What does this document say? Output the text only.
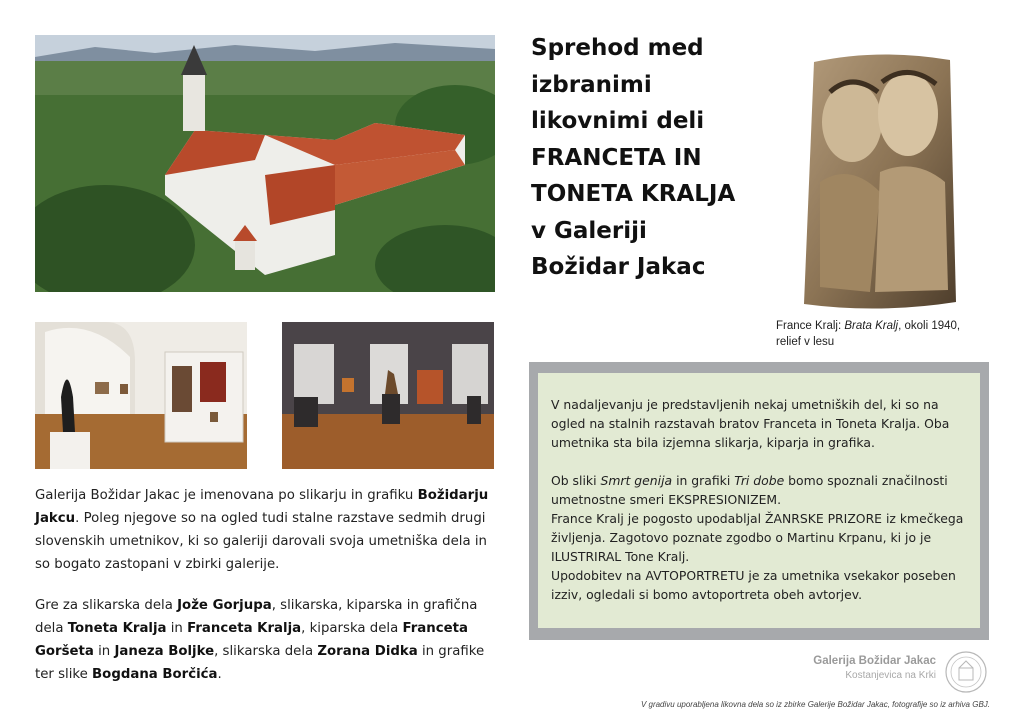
Sprehod med
izbranimi
likovnimi deli
FRANCETA IN
TONETA KRALJA
v Galeriji
Božidar Jakac
France Kralj: Brata Kralj, okoli 1940,
relief v lesu
Galerija Božidar Jakac je imenovana po slikarju in grafiku Božidarju Jakcu. Poleg njegove so na ogled tudi stalne razstave sedmih drugi slovenskih umetnikov, ki so galeriji darovali svoja umetniška dela in so bogato zastopani v zbirki galerije.
Gre za slikarska dela Jože Gorjupa, slikarska, kiparska in grafična dela Toneta Kralja in Franceta Kralja, kiparska dela Franceta Goršeta in Janeza Boljke, slikarska dela Zorana Didka in grafike ter slike Bogdana Borčića.

V nadaljevanju je predstavljenih nekaj umetniških del, ki so na ogled na stalnih razstavah bratov Franceta in Toneta Kralja. Oba umetnika sta bila izjemna slikarja, kiparja in grafika.

Ob sliki Smrt genija in grafiki Tri dobe bomo spoznali značilnosti umetnostne smeri EKSPRESIONIZEM.

France Kralj je pogosto upodabljal ŽANRSKE PRIZORE iz kmečkega življenja. Zagotovo poznate zgodbo o Martinu Krpanu, ki jo je ILUSTRIRAL Tone Kralj.

Upodobitev na AVTOPORTRETU je za umetnika vsekakor poseben izziv, ogledali si bomo avtoportreta obeh avtorjev.

Galerija Božidar Jakac
Kostanjevica na Krki
V gradivu uporabljena likovna dela so iz zbirke Galerije Božidar Jakac, fotografije so iz arhiva GBJ.
